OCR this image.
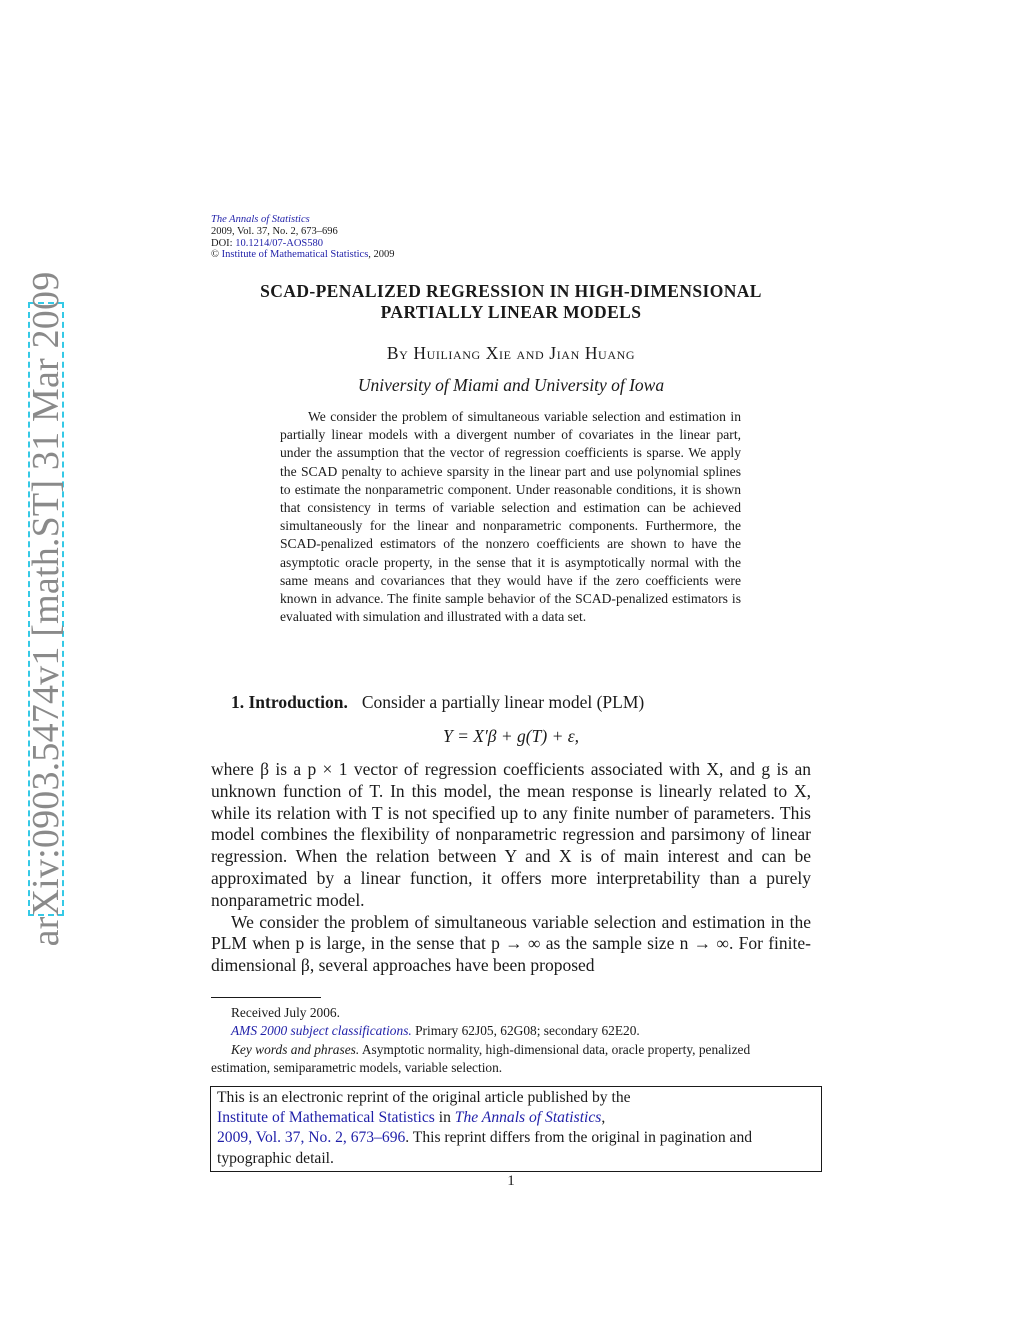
arXiv:0903.5474v1 [math.ST] 31 Mar 2009
The Annals of Statistics
2009, Vol. 37, No. 2, 673–696
DOI: 10.1214/07-AOS580
© Institute of Mathematical Statistics, 2009
SCAD-PENALIZED REGRESSION IN HIGH-DIMENSIONAL
PARTIALLY LINEAR MODELS
By Huiliang Xie and Jian Huang
University of Miami and University of Iowa
We consider the problem of simultaneous variable selection and estimation in partially linear models with a divergent number of covariates in the linear part, under the assumption that the vector of regression coefficients is sparse. We apply the SCAD penalty to achieve sparsity in the linear part and use polynomial splines to estimate the nonparametric component. Under reasonable conditions, it is shown that consistency in terms of variable selection and estimation can be achieved simultaneously for the linear and nonparametric components. Furthermore, the SCAD-penalized estimators of the nonzero coefficients are shown to have the asymptotic oracle property, in the sense that it is asymptotically normal with the same means and covariances that they would have if the zero coefficients were known in advance. The finite sample behavior of the SCAD-penalized estimators is evaluated with simulation and illustrated with a data set.
1. Introduction. Consider a partially linear model (PLM)
Y = X′β + g(T) + ε,

where β is a p × 1 vector of regression coefficients associated with X, and g is an unknown function of T. In this model, the mean response is linearly related to X, while its relation with T is not specified up to any finite number of parameters. This model combines the flexibility of nonparametric regression and parsimony of linear regression. When the relation between Y and X is of main interest and can be approximated by a linear function, it offers more interpretability than a purely nonparametric model.

We consider the problem of simultaneous variable selection and estimation in the PLM when p is large, in the sense that p → ∞ as the sample size n → ∞. For finite-dimensional β, several approaches have been proposed

Received July 2006.

AMS 2000 subject classifications. Primary 62J05, 62G08; secondary 62E20.

Key words and phrases. Asymptotic normality, high-dimensional data, oracle property, penalized estimation, semiparametric models, variable selection.

This is an electronic reprint of the original article published by the
Institute of Mathematical Statistics in The Annals of Statistics,
2009, Vol. 37, No. 2, 673–696. This reprint differs from the original in pagination and typographic detail.
1
